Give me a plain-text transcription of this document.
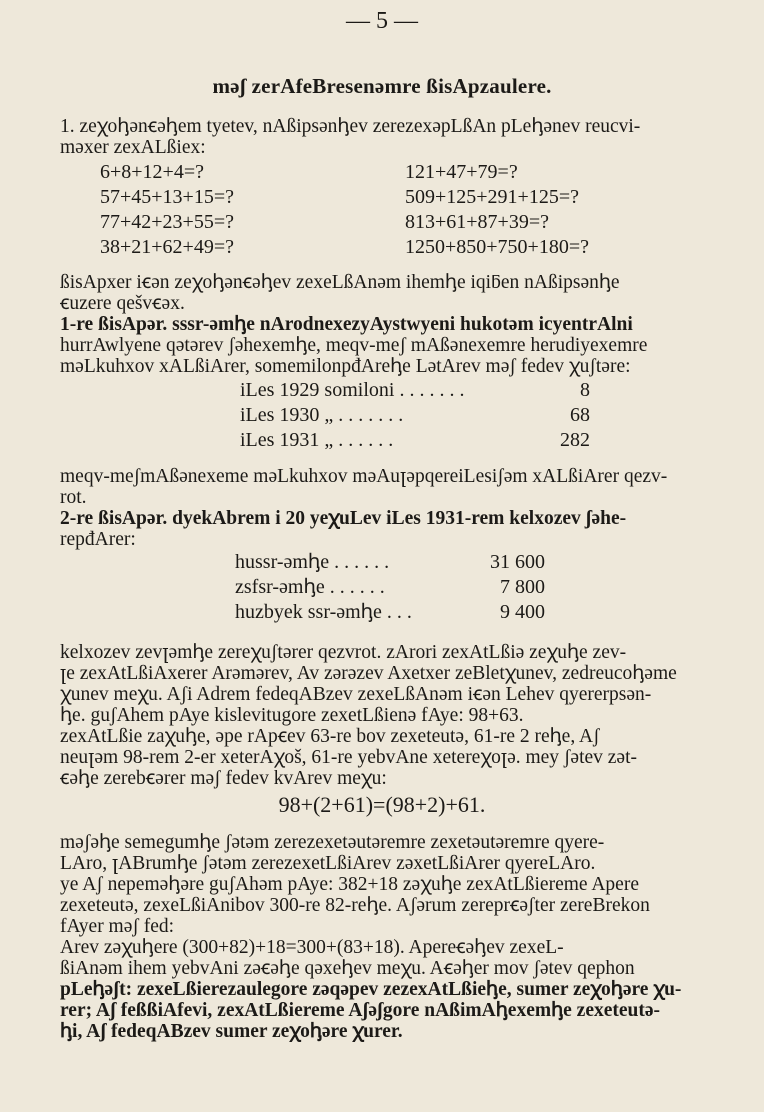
— 5 —
məʃ zerAfeBresenəmre ßisApzaulere.
1. zeꭓoꞕənꞓəꞕem tyetev, nAßipsənꞕev zerezexəpLßAn pLeꞕənev reucvi-
məxer zexALßiex:
6+8+12+4=?	121+47+79=?
57+45+13+15=?	509+125+291+125=?
77+42+23+55=?	813+61+87+39=?
38+21+62+49=?	1250+850+750+180=?
ßisApxer iꞓən zeꭓoꞕənꞓəꞕev zexeLßAnəm ihemꞕe iqiƃen nAßipsənꞕe
ꞓuzere qešvꞓəx.
1-re ßisApər. sssr-əmꞕe nArodnexezyAystwyeni hukotəm icyentrAlni
hurrAwlyene qətərev ʃəhexemꞕe, meqv-meʃ mAßənexemre herudiyexemre
məLkuhxov xALßiArer, somemilonpđAreꞕe LətArev məʃ fedev ꭓuʃtəre:
iLes 1929 somiloni . . . . . . .	8
iLes 1930 „ . . . . . . .	68
iLes 1931 „ . . . . . .	282
meqv-meʃmAßənexeme məLkuhxov məAuꞁəpqereiLesiʃəm xALßiArer qezv-
rot.
2-re ßisApər. dyekAbrem i 20 yeꭓuLev iLes 1931-rem kelxozev ʃəhe-
repđArer:
hussr-əmꞕe . . . . . .	31 600
zsfsr-əmꞕe . . . . . .	7 800
huzbyek ssr-əmꞕe . . .	9 400
kelxozev zevꞁəmꞕe zereꭓuʃtərer qezvrot. zArori zexAtLßiə zeꭓuꞕe zev-
ꞁe zexAtLßiAxerer Arəmərev, Av zərəzev Axetxer zeBletꭓunev, zedreucoꞕəme
ꭓunev meꭓu. Aʃi Adrem fedeqABzev zexeLßAnəm iꞓən Lehev qyererpsən-
ꞕe. guʃAhem pAye kislevitugore zexetLßienə fAye: 98+63.
zexAtLßie zaꭓuꞕe, əpe rApꞓev 63-re bov zexeteutə, 61-re 2 reꞕe, Aʃ
neuꞁəm 98-rem 2-er xeterAꭓoš, 61-re yebvAne xetereꭓoꞁə. mey ʃətev zət-
ꞓəꞕe zerebꞓərer məʃ fedev kvArev meꭓu:
98+(2+61)=(98+2)+61.
məʃəꞕe semegumꞕe ʃətəm zerezexetəutəremre zexetəutəremre qyere-
LAro, ꞁABrumꞕe ʃətəm zerezexetLßiArev zəxetLßiArer qyereLAro.
ye Aʃ nepeməꞕəre guʃAhəm pAye: 382+18 zəꭓuꞕe zexAtLßiereme Apere
zexeteutə, zexeLßiAnibov 300-re 82-reꞕe. Aʃərum zereprꞓəʃter zereBrekon
fAyer məʃ fed:
Arev zəꭓuꞕere (300+82)+18=300+(83+18). Apereꞓəꞕev zexeL-
ßiAnəm ihem yebvAni zəꞓəꞕe qəxeꞕev meꭓu. Aꞓəꞕer mov ʃətev qephon
pLeꞕəʃt: zexeLßierezaulegore zəqəpev zezexAtLßieꞕe, sumer zeꭓoꞕəre ꭓu-
rer; Aʃ feßßiAfevi, zexAtLßiereme Aʃəʃgore nAßimAꞕexemꞕe zexeteutə-
ꞕi, Aʃ fedeqABzev sumer zeꭓoꞕəre ꭓurer.
